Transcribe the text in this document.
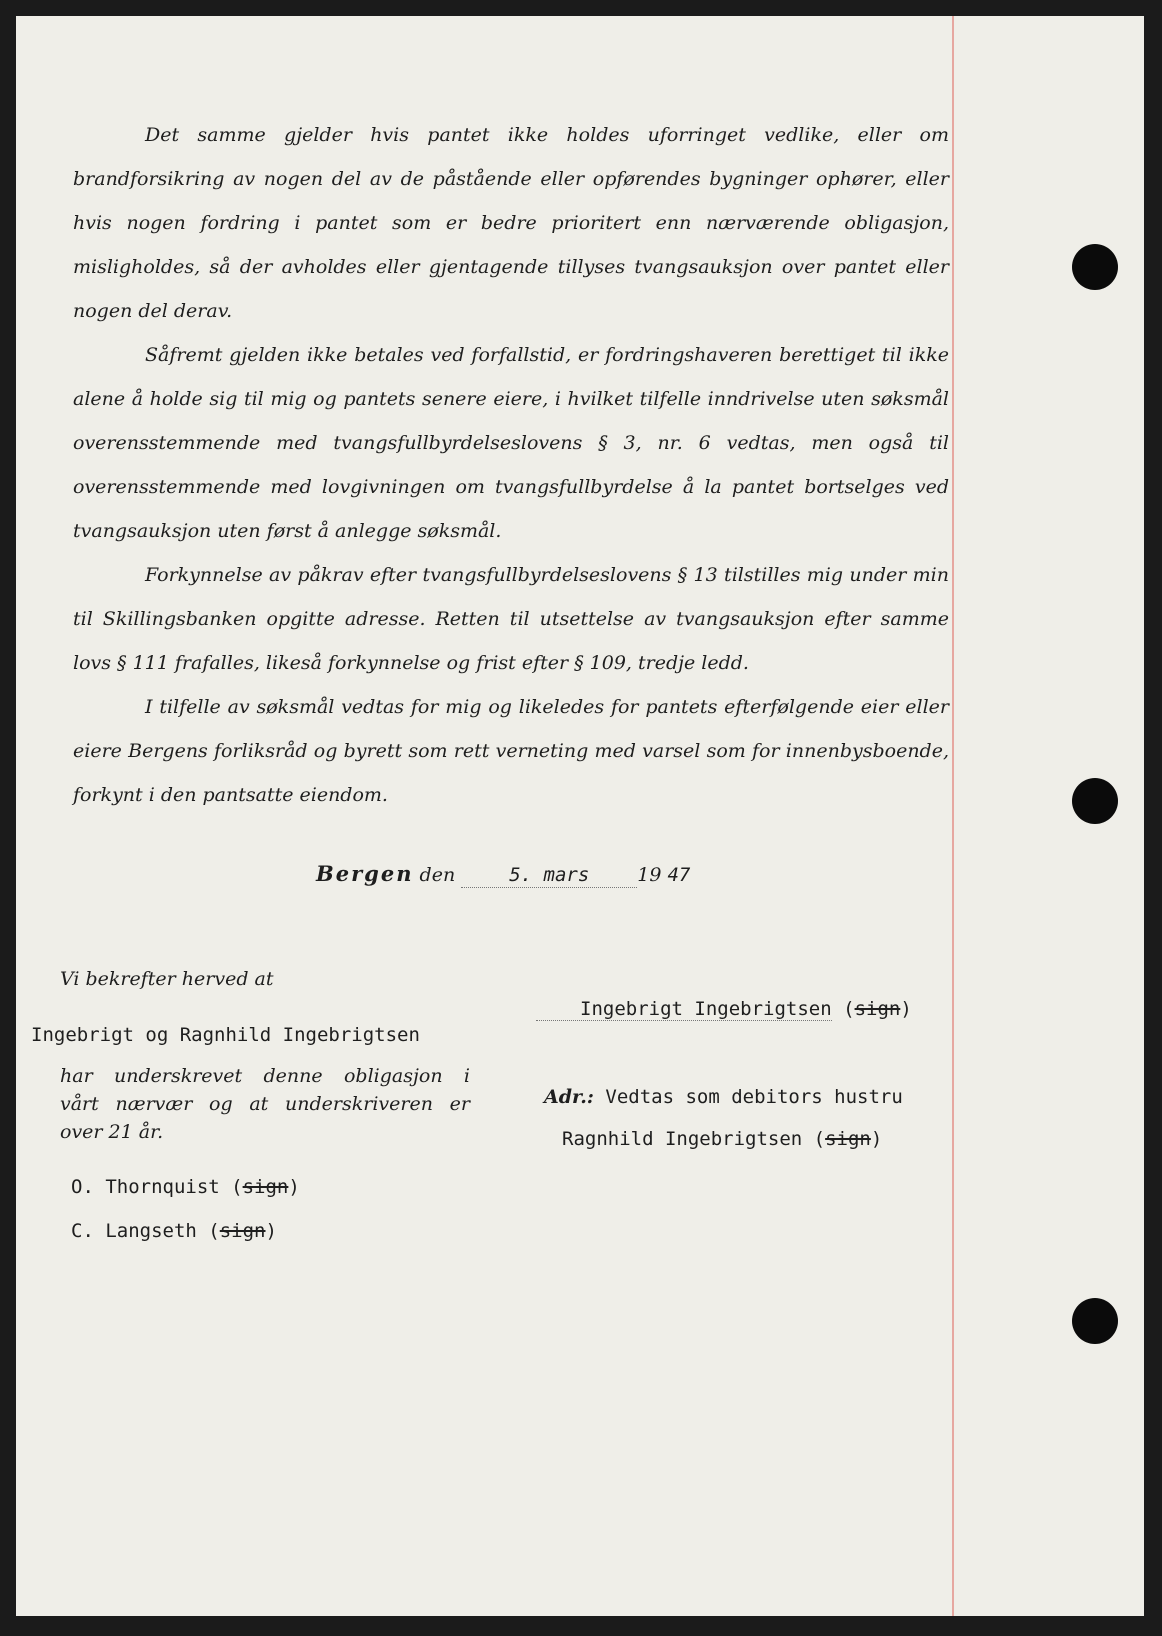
Det samme gjelder hvis pantet ikke holdes uforringet vedlike, eller om brandforsikring av nogen del av de påstående eller opførendes bygninger ophører, eller hvis nogen fordring i pantet som er bedre prioritert enn nærværende obligasjon, misligholdes, så der avholdes eller gjentagende tillyses tvangsauksjon over pantet eller nogen del derav.

Såfremt gjelden ikke betales ved forfallstid, er fordringshaveren berettiget til ikke alene å holde sig til mig og pantets senere eiere, i hvilket tilfelle inndrivelse uten søksmål overensstemmende med tvangsfullbyrdelseslovens § 3, nr. 6 vedtas, men også til overensstemmende med lovgivningen om tvangsfullbyrdelse å la pantet bortselges ved tvangsauksjon uten først å anlegge søksmål.

Forkynnelse av påkrav efter tvangsfullbyrdelseslovens § 13 tilstilles mig under min til Skillingsbanken opgitte adresse. Retten til utsettelse av tvangsauksjon efter samme lovs § 111 frafalles, likeså forkynnelse og frist efter § 109, tredje ledd.

I tilfelle av søksmål vedtas for mig og likeledes for pantets efterfølgende eier eller eiere Bergens forliksråd og byrett som rett verneting med varsel som for innenbysboende, forkynt i den pantsatte eiendom.

Bergen den	5. mars	19 47
Vi bekrefter herved at
Ingebrigt og Ragnhild Ingebrigtsen
har underskrevet denne obligasjon i
vårt nærvær og at underskriveren er
over 21 år.
O. Thornquist (sign)
C. Langseth (sign)
Ingebrigt Ingebrigtsen (sign)
Adr.: Vedtas som debitors hustru
Ragnhild Ingebrigtsen (sign)
